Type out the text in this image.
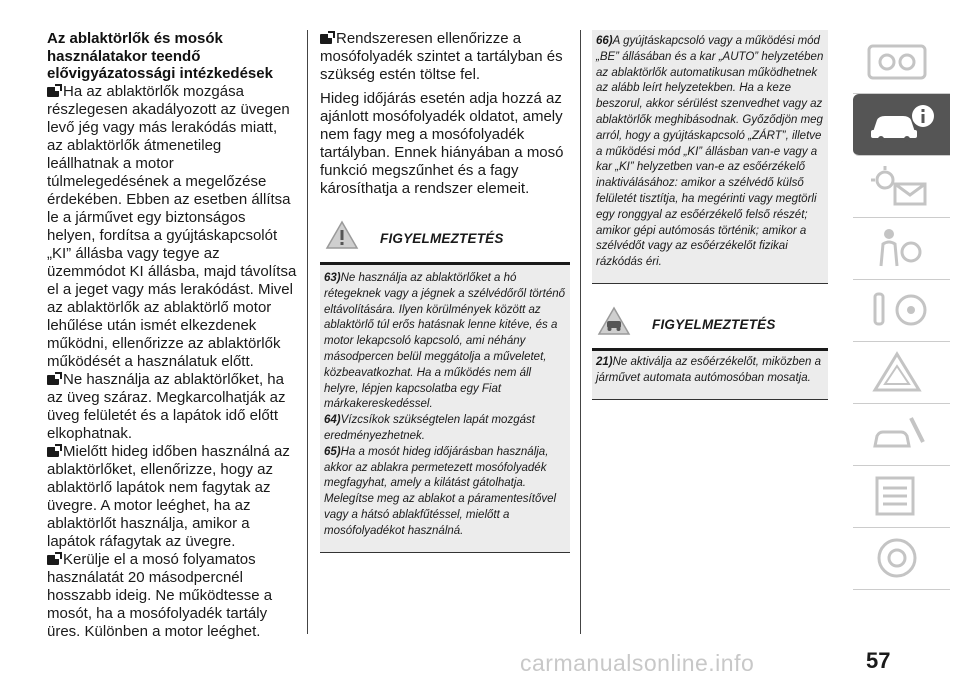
Az ablaktörlők és mosók használatakor teendő elővigyázatossági intézkedések

Ha az ablaktörlők mozgása részlegesen akadályozott az üvegen levő jég vagy más lerakódás miatt, az ablaktörlők átmenetileg leállhatnak a motor túlmelegedésének a megelőzése érdekében. Ebben az esetben állítsa le a járművet egy biztonságos helyen, fordítsa a gyújtáskapcsolót „KI” állásba vagy tegye az üzemmódot KI állásba, majd távolítsa el a jeget vagy más lerakódást. Mivel az ablaktörlők az ablaktörlő motor lehűlése után ismét elkezdenek működni, ellenőrizze az ablaktörlők működését a használatuk előtt.

Ne használja az ablaktörlőket, ha az üveg száraz. Megkarcolhatják az üveg felületét és a lapátok idő előtt elkophatnak.

Mielőtt hideg időben használná az ablaktörlőket, ellenőrizze, hogy az ablaktörlő lapátok nem fagytak az üvegre. A motor leéghet, ha az ablaktörlőt használja, amikor a lapátok ráfagytak az üvegre.

Kerülje el a mosó folyamatos használatát 20 másodpercnél hosszabb ideig. Ne működtesse a mosót, ha a mosófolyadék tartály üres. Különben a motor leéghet.

Rendszeresen ellenőrizze a mosófolyadék szintet a tartályban és szükség estén töltse fel.

Hideg időjárás esetén adja hozzá az ajánlott mosófolyadék oldatot, amely nem fagy meg a mosófolyadék tartályban. Ennek hiányában a mosó funkció megszűnhet és a fagy károsíthatja a rendszer elemeit.

FIGYELMEZTETÉS

63)Ne használja az ablaktörlőket a hó rétegeknek vagy a jégnek a szélvédőről történő eltávolítására. Ilyen körülmények között az ablaktörlő túl erős hatásnak lenne kitéve, és a motor lekapcsoló kapcsoló, ami néhány másodpercen belül meggátolja a műveletet, közbeavatkozhat. Ha a működés nem áll helyre, lépjen kapcsolatba egy Fiat márkakereskedéssel.

64)Vízcsíkok szükségtelen lapát mozgást eredményezhetnek.

65)Ha a mosót hideg időjárásban használja, akkor az ablakra permetezett mosófolyadék megfagyhat, amely a kilátást gátolhatja. Melegítse meg az ablakot a páramentesítővel vagy a hátsó ablakfűtéssel, mielőtt a mosófolyadékot használná.

66)A gyújtáskapcsoló vagy a működési mód „BE” állásában és a kar „AUTO” helyzetében az ablaktörlők automatikusan működhetnek az alább leírt helyzetekben. Ha a keze beszorul, akkor sérülést szenvedhet vagy az ablaktörlők meghibásodnak. Győződjön meg arról, hogy a gyújtáskapcsoló „ZÁRT”, illetve a működési mód „KI” állásban van-e vagy a kar „KI” helyzetben van-e az esőérzékelő inaktiválásához: amikor a szélvédő külső felületét tisztítja, ha megérinti vagy megtörli egy ronggyal az esőérzékelő felső részét; amikor gépi autómosás történik; amikor a szélvédőt vagy az esőérzékelőt fizikai rázkódás éri.

FIGYELMEZTETÉS

21)Ne aktiválja az esőérzékelőt, miközben a járművet automata autómosóban mosatja.

carmanualsonline.info	57
